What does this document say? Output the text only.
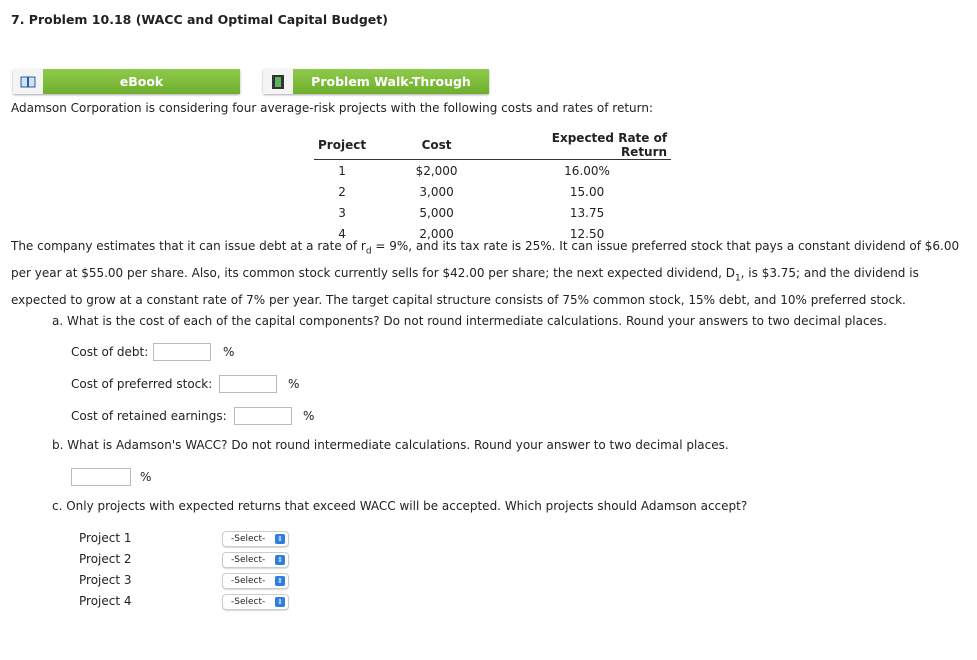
7. Problem 10.18 (WACC and Optimal Capital Budget)
eBook	Problem Walk-Through
Adamson Corporation is considering four average-risk projects with the following costs and rates of return:
Project	Cost	Expected Rate of Return
1	$2,000	16.00%
2	3,000	15.00
3	5,000	13.75
4	2,000	12.50
The company estimates that it can issue debt at a rate of $r_d = 9\%$, and its tax rate is 25%. It can issue preferred stock that pays a constant dividend of $6.00 per year at $55.00 per share. Also, its common stock currently sells for $42.00 per share; the next expected dividend, $D_1$, is $3.75; and the dividend is expected to grow at a constant rate of 7% per year. The target capital structure consists of 75% common stock, 15% debt, and 10% preferred stock.
a. What is the cost of each of the capital components? Do not round intermediate calculations. Round your answers to two decimal places.
Cost of debt:	%
Cost of preferred stock:	%
Cost of retained earnings:	%
b. What is Adamson's WACC? Do not round intermediate calculations. Round your answer to two decimal places.
%
c. Only projects with expected returns that exceed WACC will be accepted. Which projects should Adamson accept?
Project 1	-Select- ⇕
Project 2	-Select- ⇕
Project 3	-Select- ⇕
Project 4	-Select- ⇕
